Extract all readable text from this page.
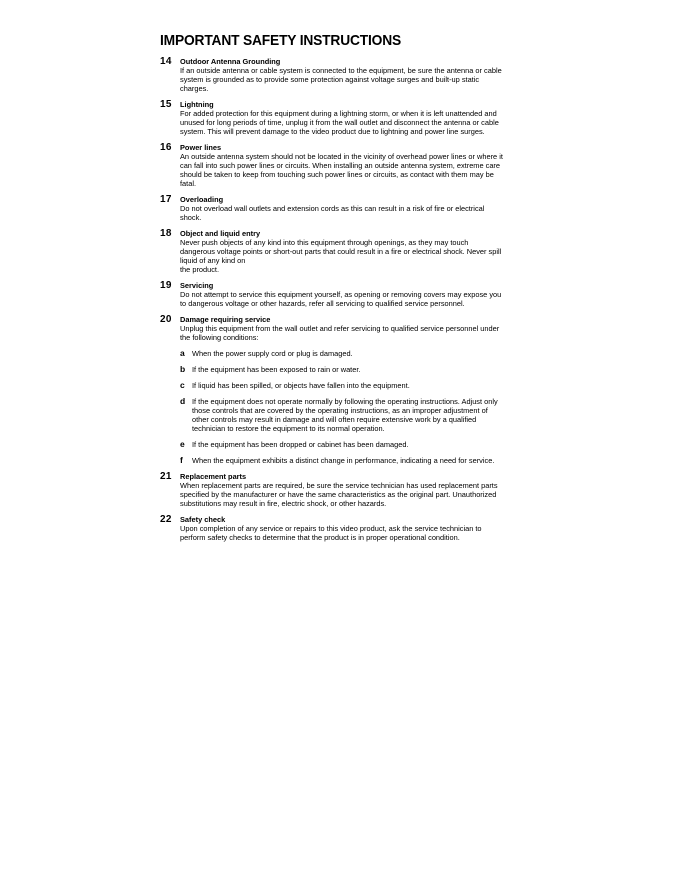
IMPORTANT SAFETY INSTRUCTIONS
14 Outdoor Antenna Grounding
If an outside antenna or cable system is connected to the equipment, be sure the antenna or cable
system is grounded as to provide some protection against voltage surges and built-up static
charges.
15 Lightning
For added protection for this equipment during a lightning storm, or when it is left unattended and
unused for long periods of time, unplug it from the wall outlet and disconnect the antenna or cable
system. This will prevent damage to the video product due to lightning and power line surges.
16 Power lines
An outside antenna system should not be located in the vicinity of overhead power lines or where it
can fall into such power lines or circuits. When installing an outside antenna system, extreme care
should be taken to keep from touching such power lines or circuits, as contact with them may be
fatal.
17 Overloading
Do not overload wall outlets and extension cords as this can result in a risk of fire or electrical
shock.
18 Object and liquid entry
Never push objects of any kind into this equipment through openings, as they may touch
dangerous voltage points or short-out parts that could result in a fire or electrical shock. Never spill
liquid of any kind on
the product.
19 Servicing
Do not attempt to service this equipment yourself, as opening or removing covers may expose you
to dangerous voltage or other hazards, refer all servicing to qualified service personnel.
20 Damage requiring service
Unplug this equipment from the wall outlet and refer servicing to qualified service personnel under
the following conditions:
a When the power supply cord or plug is damaged.
b If the equipment has been exposed to rain or water.
c If liquid has been spilled, or objects have fallen into the equipment.
d If the equipment does not operate normally by following the operating instructions. Adjust only
those controls that are covered by the operating instructions, as an improper adjustment of
other controls may result in damage and will often require extensive work by a qualified
technician to restore the equipment to its normal operation.
e If the equipment has been dropped or cabinet has been damaged.
f When the equipment exhibits a distinct change in performance, indicating a need for service.
21 Replacement parts
When replacement parts are required, be sure the service technician has used replacement parts
specified by the manufacturer or have the same characteristics as the original part. Unauthorized
substitutions may result in fire, electric shock, or other hazards.
22 Safety check
Upon completion of any service or repairs to this video product, ask the service technician to
perform safety checks to determine that the product is in proper operational condition.
